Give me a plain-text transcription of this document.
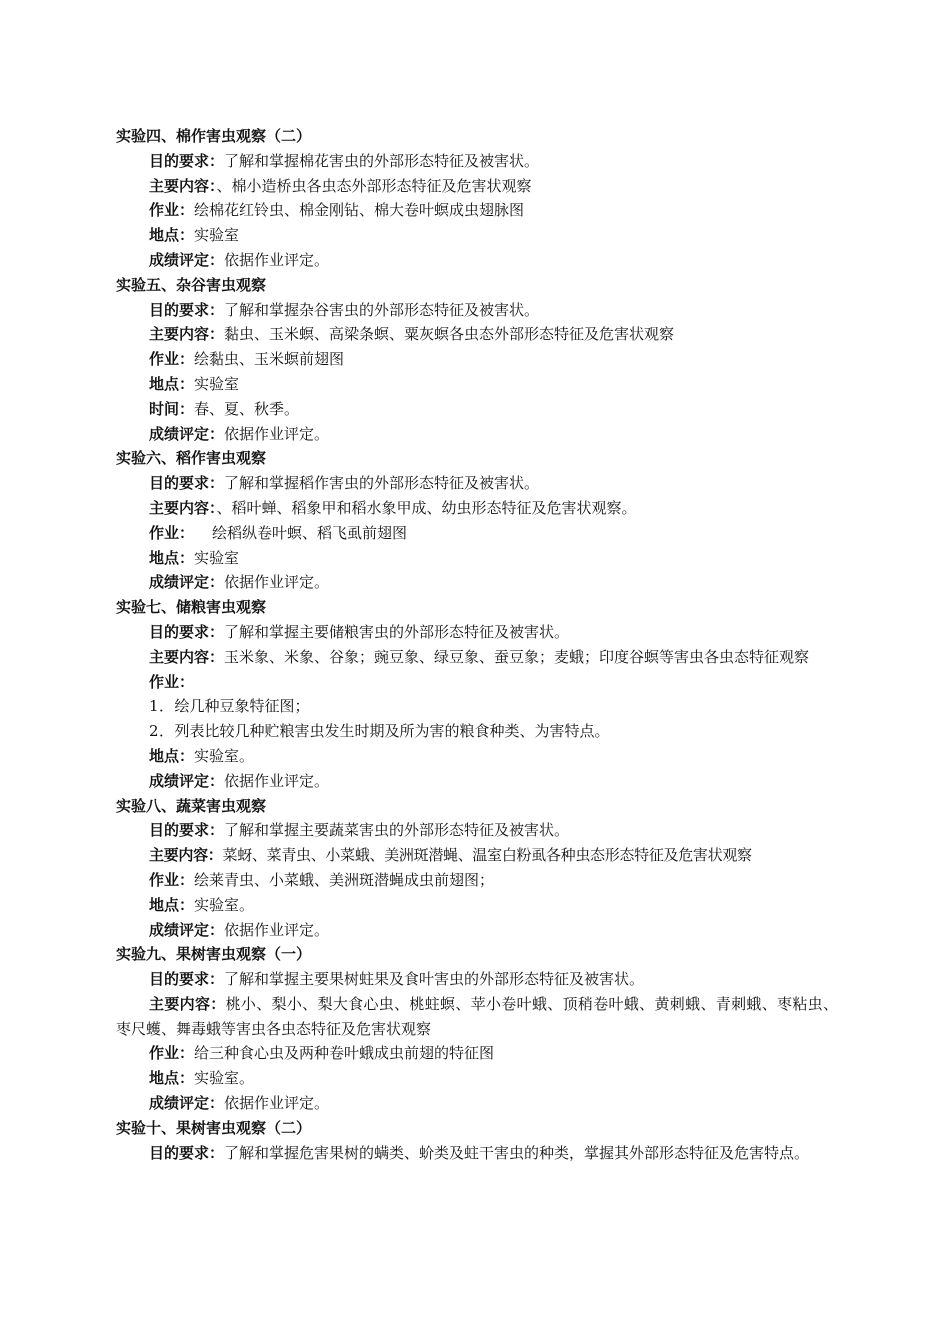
实验四、棉作害虫观察（二）
目的要求：了解和掌握棉花害虫的外部形态特征及被害状。
主要内容：、棉小造桥虫各虫态外部形态特征及危害状观察
作业：绘棉花红铃虫、棉金刚钻、棉大卷叶螟成虫翅脉图
地点：实验室
成绩评定：依据作业评定。
实验五、杂谷害虫观察
目的要求：了解和掌握杂谷害虫的外部形态特征及被害状。
主要内容：黏虫、玉米螟、高梁条螟、粟灰螟各虫态外部形态特征及危害状观察
作业：绘黏虫、玉米螟前翅图
地点：实验室
时间：春、夏、秋季。
成绩评定：依据作业评定。
实验六、稻作害虫观察
目的要求：了解和掌握稻作害虫的外部形态特征及被害状。
主要内容：、稻叶蝉、稻象甲和稻水象甲成、幼虫形态特征及危害状观察。
作业： 绘稻纵卷叶螟、稻飞虱前翅图
地点：实验室
成绩评定：依据作业评定。
实验七、储粮害虫观察
目的要求：了解和掌握主要储粮害虫的外部形态特征及被害状。
主要内容：玉米象、米象、谷象；豌豆象、绿豆象、蚕豆象；麦蛾；印度谷螟等害虫各虫态特征观察
作业：
1．绘几种豆象特征图；
2．列表比较几种贮粮害虫发生时期及所为害的粮食种类、为害特点。
地点：实验室。
成绩评定：依据作业评定。
实验八、蔬菜害虫观察
目的要求：了解和掌握主要蔬菜害虫的外部形态特征及被害状。
主要内容：菜蚜、菜青虫、小菜蛾、美洲斑潜蝇、温室白粉虱各种虫态形态特征及危害状观察
作业：绘莱青虫、小菜蛾、美洲斑潜蝇成虫前翅图；
地点：实验室。
成绩评定：依据作业评定。
实验九、果树害虫观察（一）
目的要求：了解和掌握主要果树蛀果及食叶害虫的外部形态特征及被害状。
主要内容：桃小、梨小、梨大食心虫、桃蛀螟、苹小卷叶蛾、顶稍卷叶蛾、黄刺蛾、青刺蛾、枣粘虫、枣尺蠖、舞毒蛾等害虫各虫态特征及危害状观察
作业：给三种食心虫及两种卷叶蛾成虫前翅的特征图
地点：实验室。
成绩评定：依据作业评定。
实验十、果树害虫观察（二）
目的要求：了解和掌握危害果树的螨类、蚧类及蛀干害虫的种类，掌握其外部形态特征及危害特点。
